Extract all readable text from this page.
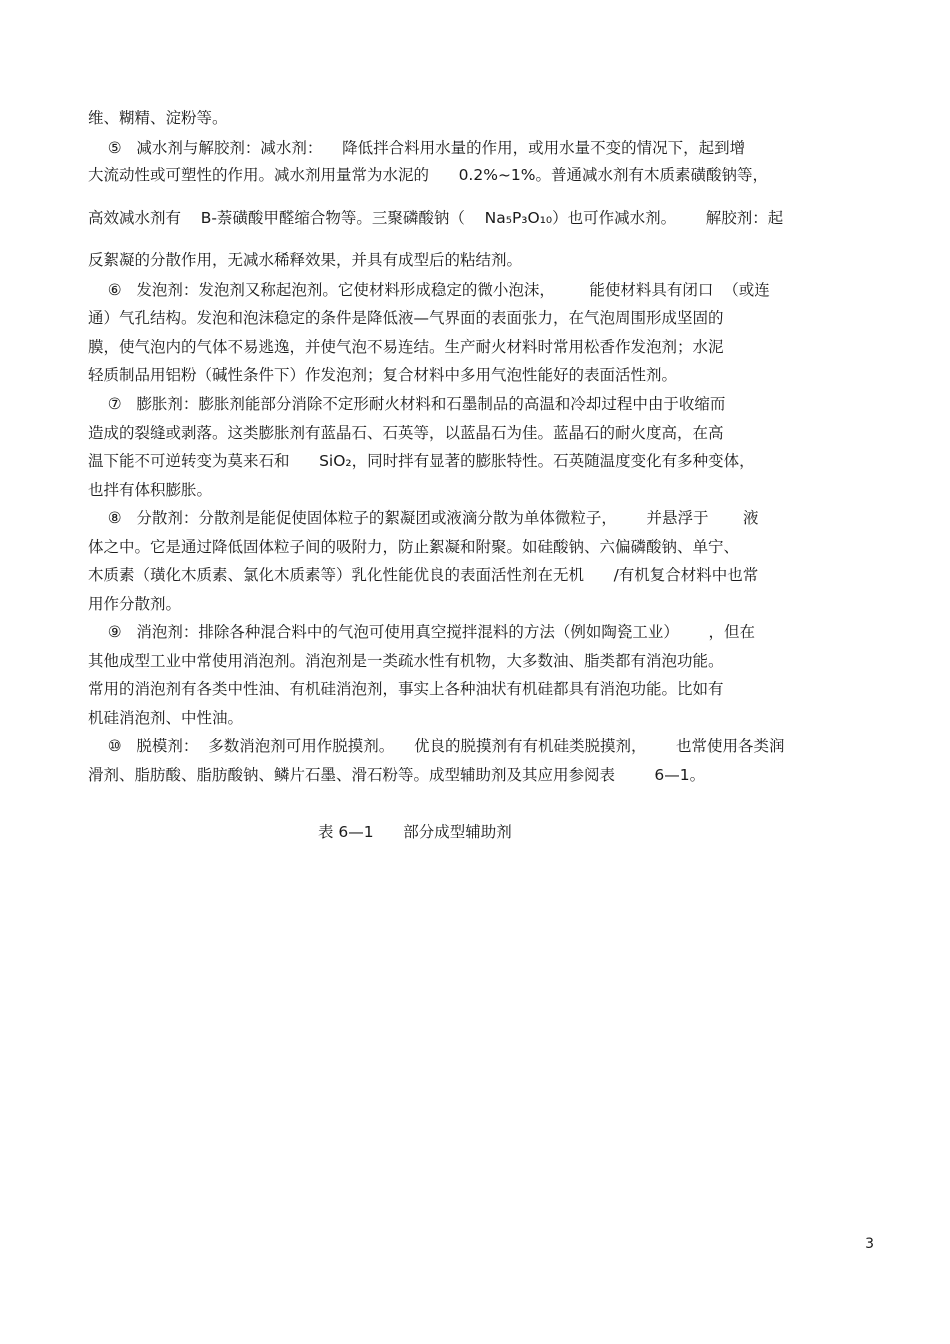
维、糊精、淀粉等。
⑤   减水剂与解胶剂：减水剂：    降低拌合料用水量的作用，或用水量不变的情况下，起到增
大流动性或可塑性的作用。减水剂用量常为水泥的      0.2%~1%。普通减水剂有木质素磺酸钠等，
高效减水剂有    B-萘磺酸甲醛缩合物等。三聚磷酸钠（    Na₅P₃O₁₀）也可作减水剂。      解胶剂：起
反絮凝的分散作用，无减水稀释效果，并具有成型后的粘结剂。
⑥   发泡剂：发泡剂又称起泡剂。它使材料形成稳定的微小泡沫，       能使材料具有闭口  （或连
通）气孔结构。发泡和泡沫稳定的条件是降低液—气界面的表面张力，在气泡周围形成坚固的
膜，使气泡内的气体不易逃逸，并使气泡不易连结。生产耐火材料时常用松香作发泡剂；水泥
轻质制品用铝粉（碱性条件下）作发泡剂；复合材料中多用气泡性能好的表面活性剂。
⑦   膨胀剂：膨胀剂能部分消除不定形耐火材料和石墨制品的高温和冷却过程中由于收缩而
造成的裂缝或剥落。这类膨胀剂有蓝晶石、石英等，以蓝晶石为佳。蓝晶石的耐火度高，在高
温下能不可逆转变为莫来石和      SiO₂，同时拌有显著的膨胀特性。石英随温度变化有多种变体，
也拌有体积膨胀。
⑧   分散剂：分散剂是能促使固体粒子的絮凝团或液滴分散为单体微粒子，      并悬浮于       液
体之中。它是通过降低固体粒子间的吸附力，防止絮凝和附聚。如硅酸钠、六偏磷酸钠、单宁、
木质素（璜化木质素、氯化木质素等）乳化性能优良的表面活性剂在无机      /有机复合材料中也常
用作分散剂。
⑨   消泡剂：排除各种混合料中的气泡可使用真空搅拌混料的方法（例如陶瓷工业）      ，但在
其他成型工业中常使用消泡剂。消泡剂是一类疏水性有机物，大多数油、脂类都有消泡功能。
常用的消泡剂有各类中性油、有机硅消泡剂，事实上各种油状有机硅都具有消泡功能。比如有
机硅消泡剂、中性油。
⑩   脱模剂：  多数消泡剂可用作脱摸剂。    优良的脱摸剂有有机硅类脱摸剂，      也常使用各类润
滑剂、脂肪酸、脂肪酸钠、鳞片石墨、滑石粉等。成型辅助剂及其应用参阅表        6—1。
表 6—1      部分成型辅助剂
3
